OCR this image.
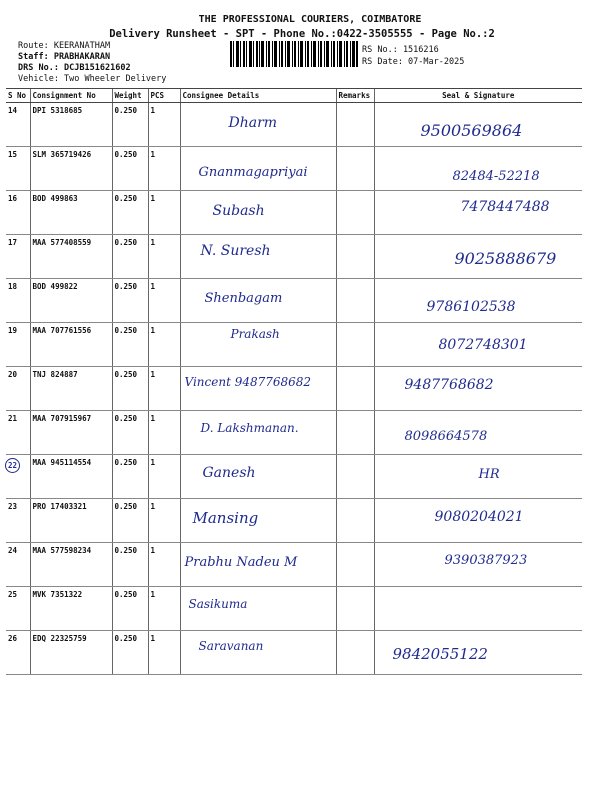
THE PROFESSIONAL COURIERS, COIMBATORE
Delivery Runsheet - SPT - Phone No.:0422-3505555 - Page No.:2
Route: KEERANATHAM
Staff: PRABHAKARAN
DRS No.: DCJB151621602
Vehicle: Two Wheeler Delivery
RS No.: 1516216
RS Date: 07-Mar-2025
S No	Consignment No	Weight	PCS	Consignee Details	Remarks	Seal & Signature
14	DPI 5318685	0.250	1	Dharm		9500569864

15	SLM 365719426	0.250	1	Gnanmagapriyai		82484-52218

16	BOD 499863	0.250	1	Subash		7478447488

17	MAA 577408559	0.250	1	N. Suresh		9025888679

18	BOD 499822	0.250	1	Shenbagam		9786102538

19	MAA 707761556	0.250	1	Prakash		8072748301

20	TNJ 824887	0.250	1	Vincent 9487768682		9487768682

21	MAA 707915967	0.250	1	D. Lakshmanan.		8098664578

22	MAA 945114554	0.250	1	Ganesh		HR

23	PRO 17403321	0.250	1	Mansing		9080204021

24	MAA 577598234	0.250	1	Prabhu Nadeu M		9390387923

25	MVK 7351322	0.250	1	Sasikuma		

26	EDQ 22325759	0.250	1	Saravanan		9842055122
